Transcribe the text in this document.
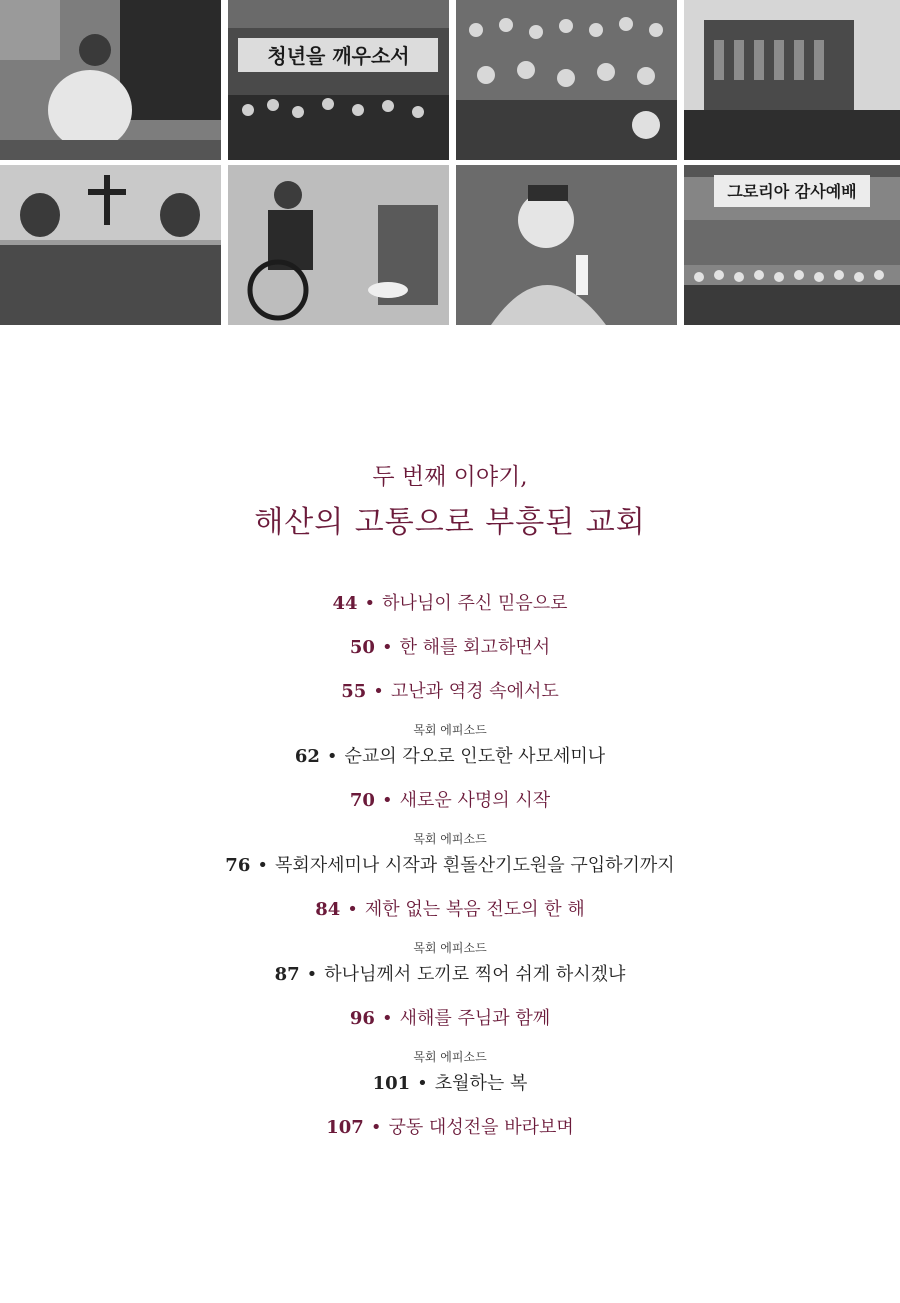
청년을 깨우소서
그로리아 감사예배
두 번째 이야기,
해산의 고통으로 부흥된 교회
44 • 하나님이 주신 믿음으로
50 • 한 해를 회고하면서
55 • 고난과 역경 속에서도
목회 에피소드
62 • 순교의 각오로 인도한 사모세미나
70 • 새로운 사명의 시작
목회 에피소드
76 • 목회자세미나 시작과 흰돌산기도원을 구입하기까지
84 • 제한 없는 복음 전도의 한 해
목회 에피소드
87 • 하나님께서 도끼로 찍어 쉬게 하시겠냐
96 • 새해를 주님과 함께
목회 에피소드
101 • 초월하는 복
107 • 궁동 대성전을 바라보며
